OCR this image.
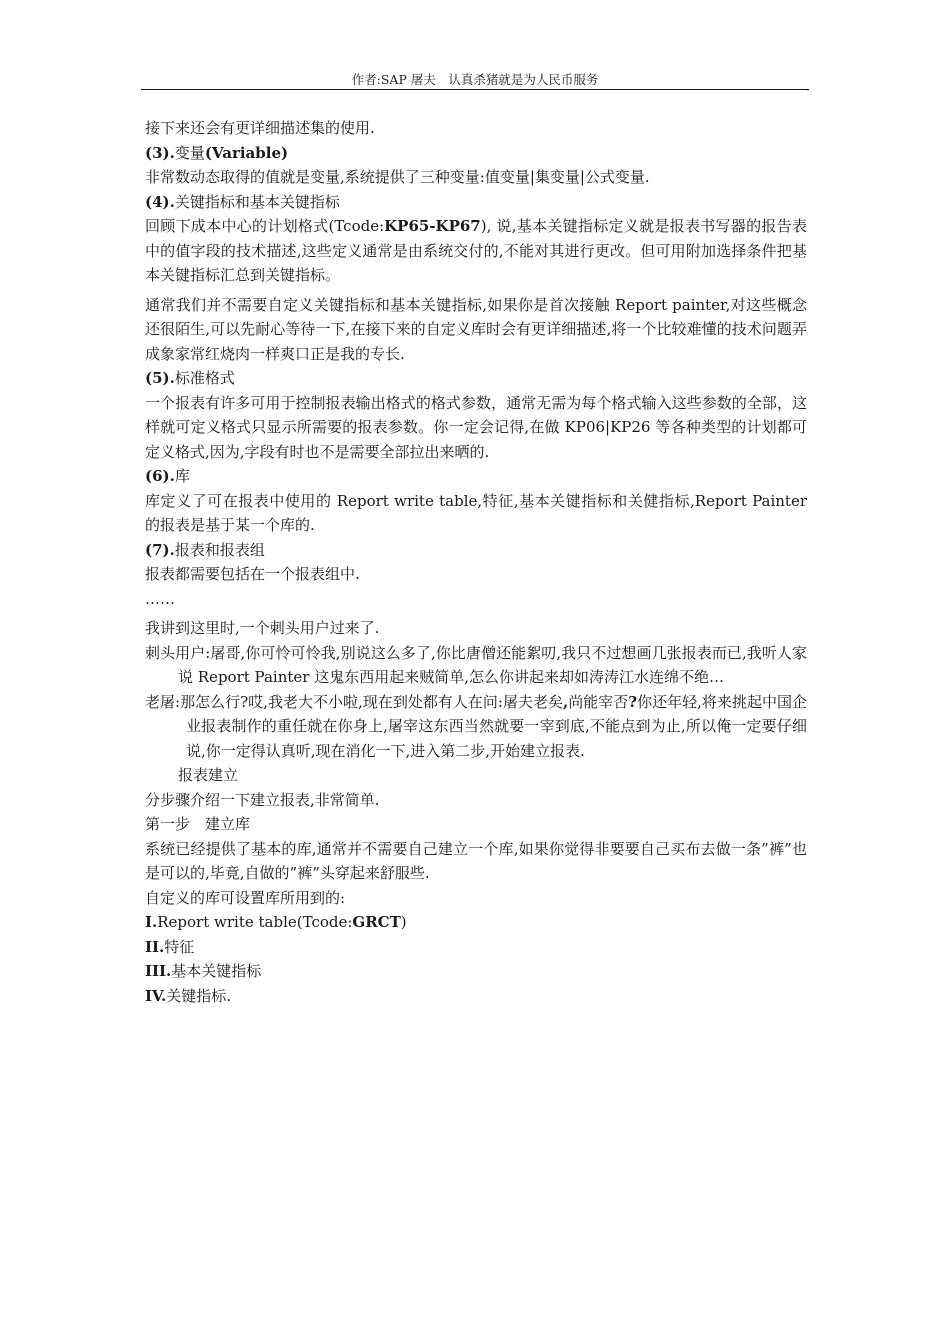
作者:SAP 屠夫　认真杀猪就是为人民币服务
,

接下来还会有更详细描述集的使用.

(3).变量(Variable)

非常数动态取得的值就是变量,系统提供了三种变量:值变量|集变量|公式变量.

(4).关键指标和基本关键指标

回顾下成本中心的计划格式(Tcode:KP65-KP67), 说,基本关键指标定义就是报表书写器的报告表中的值字段的技术描述,这些定义通常是由系统交付的,不能对其进行更改。但可用附加选择条件把基本关键指标汇总到关键指标。

通常我们并不需要自定义关键指标和基本关键指标,如果你是首次接触 Report painter,对这些概念还很陌生,可以先耐心等待一下,在接下来的自定义库时会有更详细描述,将一个比较难懂的技术问题弄成象家常红烧肉一样爽口正是我的专长.

(5).标准格式

一个报表有许多可用于控制报表输出格式的格式参数，通常无需为每个格式输入这些参数的全部，这样就可定义格式只显示所需要的报表参数。你一定会记得,在做 KP06|KP26 等各种类型的计划都可定义格式,因为,字段有时也不是需要全部拉出来晒的.

(6).库

库定义了可在报表中使用的 Report write table,特征,基本关键指标和关健指标,Report Painter 的报表是基于某一个库的.

(7).报表和报表组

报表都需要包括在一个报表组中.

……

我讲到这里时,一个刺头用户过来了.

刺头用户:屠哥,你可怜可怜我,别说这么多了,你比唐僧还能絮叨,我只不过想画几张报表而已,我听人家说 Report Painter 这鬼东西用起来贼简单,怎么你讲起来却如涛涛江水连绵不绝…

老屠:那怎么行?哎,我老大不小啦,现在到处都有人在问:屠夫老矣,尚能宰否?你还年轻,将来挑起中国企业报表制作的重任就在你身上,屠宰这东西当然就要一宰到底,不能点到为止,所以俺一定要仔细说,你一定得认真听,现在消化一下,进入第二步,开始建立报表.

报表建立

分步骤介绍一下建立报表,非常简单.

第一步　建立库

系统已经提供了基本的库,通常并不需要自己建立一个库,如果你觉得非要要自己买布去做一条”裤”也是可以的,毕竟,自做的”裤”头穿起来舒服些.

自定义的库可设置库所用到的:

I.Report write table(Tcode:GRCT)

II.特征

III.基本关键指标

IV.关键指标.
